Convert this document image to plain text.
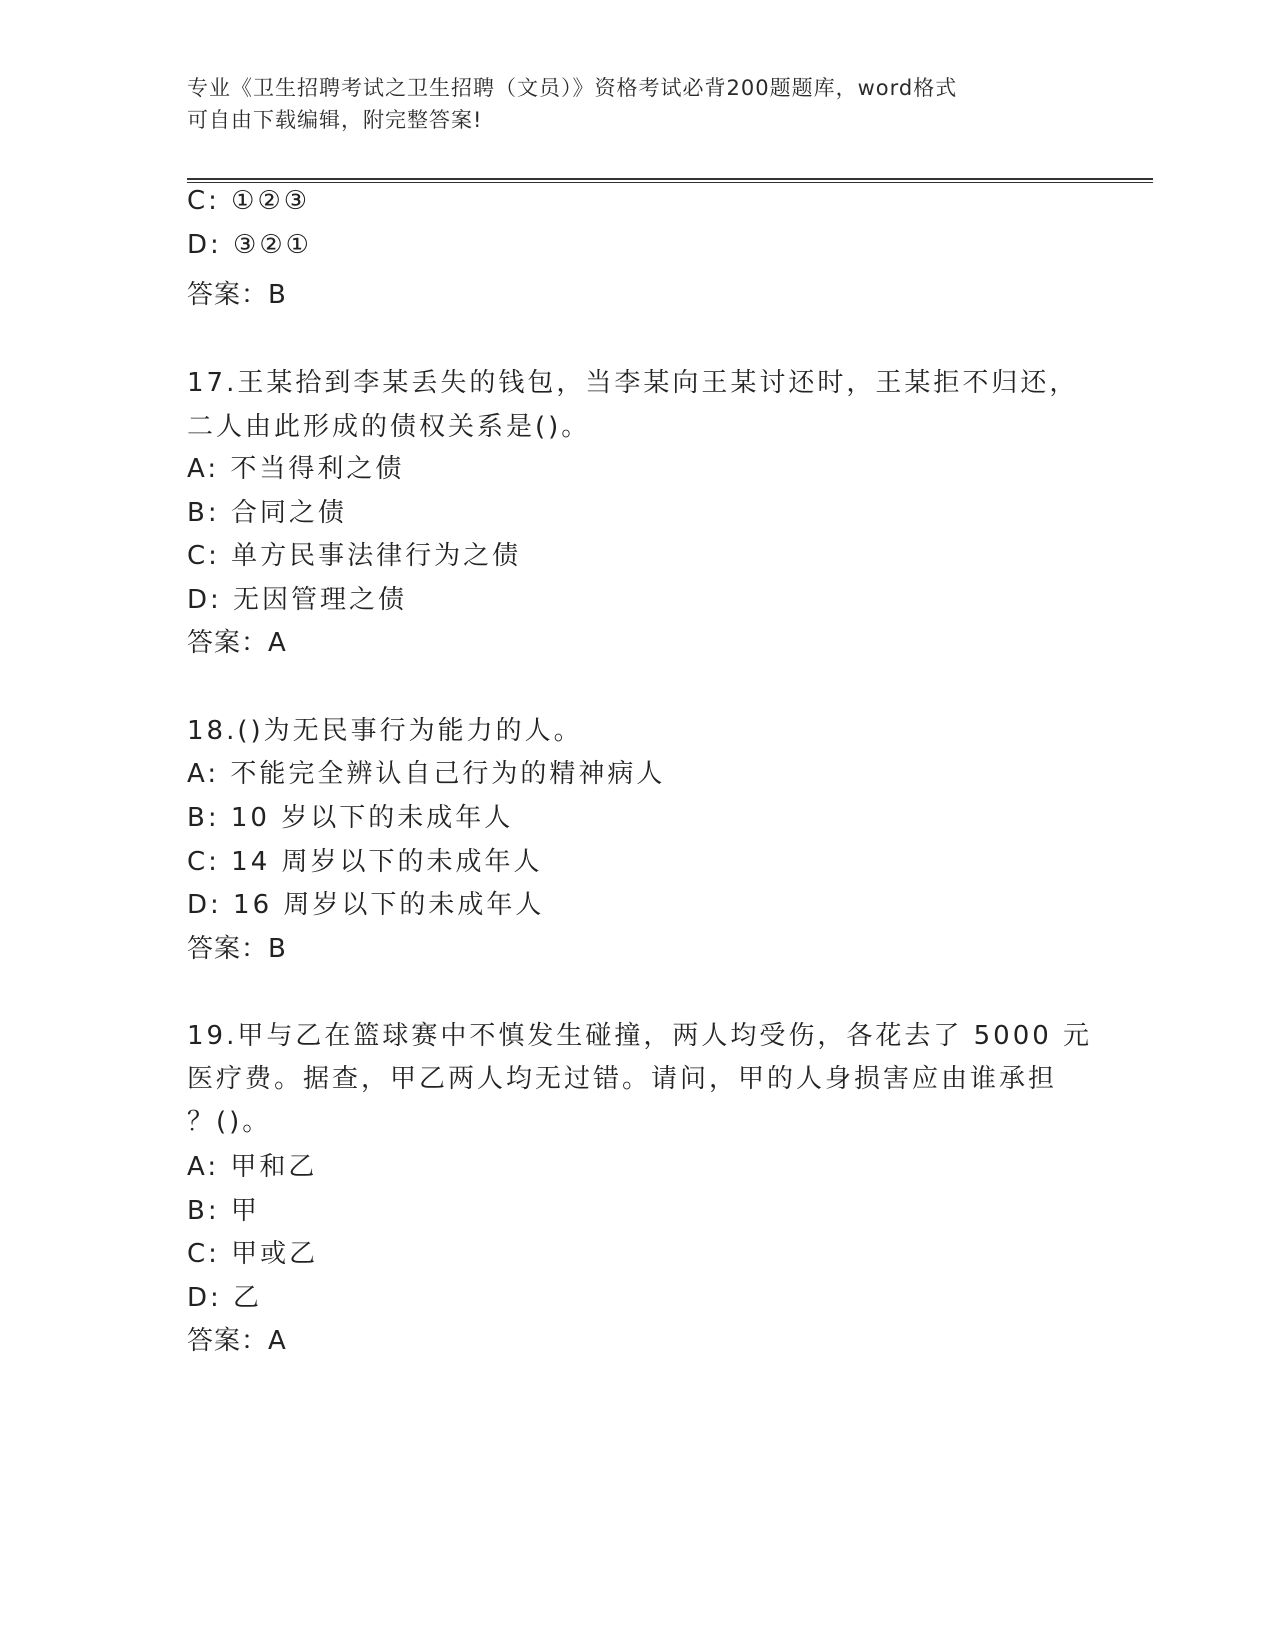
专业《卫生招聘考试之卫生招聘（文员）》资格考试必背200题题库，word格式
可自由下载编辑，附完整答案!
C: ①②③
D: ③②①
答案：B
17.王某拾到李某丢失的钱包，当李某向王某讨还时，王某拒不归还，
二人由此形成的债权关系是()。
A: 不当得利之债
B: 合同之债
C: 单方民事法律行为之债
D: 无因管理之债
答案：A
18.()为无民事行为能力的人。
A: 不能完全辨认自己行为的精神病人
B: 10 岁以下的未成年人
C: 14 周岁以下的未成年人
D: 16 周岁以下的未成年人
答案：B
19.甲与乙在篮球赛中不慎发生碰撞，两人均受伤，各花去了 5000 元
医疗费。据查，甲乙两人均无过错。请问，甲的人身损害应由谁承担
？()。
A: 甲和乙
B: 甲
C: 甲或乙
D: 乙
答案：A
